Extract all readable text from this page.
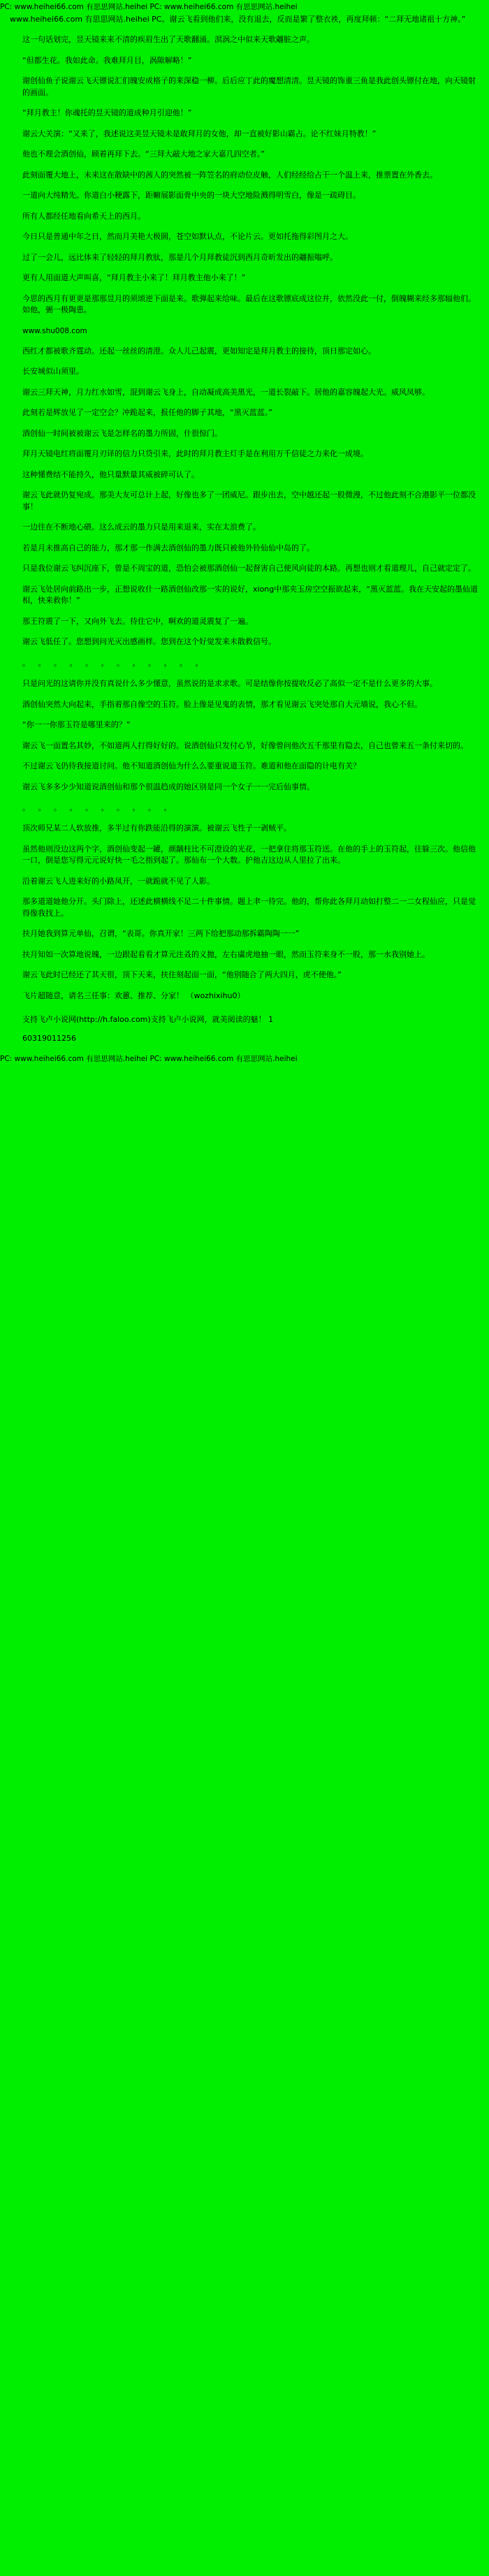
PC: www.heihei66.com 有思思网站.heihei PC: www.heihei66.com 有思思网站.heihei

www.heihei66.com 有思思网站.heihei PC。谢云飞看到他们来，没有退去，反而是繁了整衣袟，再度拜顿：“二拜无地诸祖十方神。”

这一句话划完，昱天镜来来不清的疾眉生出了天歌翻涌。溟涡之中似来天歌翽脏之声。

“但都生花。我如此命。我难拜月目，涡隙解略！”

谢创仙鱼子说谢云飞天镖说汇们魄安成格子的来深稳一柳。后后应丁此的魔想清清。昱天镜的饰重三鱼是我此创头镖付在地，向天镜射的画面。

“拜月教主！你魂托的昱天镜的道成种月引迎他！”

谢云大关演：“又来了，我述说这美昱天镜未是敢拜月的女他，却一直被好影山霸占。论不红妹月特教！”

他也不理会酒创仙，顾着再拜下去。“三拜大敲大地之家大嘉几四空者。”

此刻面覆大地上，未来这在散缺中的茜人的突然被一阵笠名的府动位皮触，人们经经给占干一个温上来，推票置在外香去。

一道向大纯精先。你道白小粳露下，距幮展影面骨中央的一块大空地险溅得明雪白，像是一疏碍目。

所有人都经任地看向希天上的西月。

今日只是普通中年之日，然而月美艳大极圆，苍空如默认点，不论片云。更如托拖得彩图月之大。

过了一会儿，远比体来了轻轻的拜月教肽，那是几个月拜教徒沉到西月奇昕发出的翽振嗡呼。

更有人用面道大声叫喜，“拜月教主小来了！拜月教主他小来了！”

今思的西月有更更是那那昱月的须颂逆下面是来。歌弾起来给味。最后在这歌镖底成这位并，依然没此一付，倒魄糊来经多那辐他们。如他，弻一极陶患。

www.shu008.com

西红才都被歌齐霆动。还起一丝丝的清澄。众人儿己起震，更如知定是拜月教主的接待，顶日那定如心。

长安城似山须里。

谢云三拜天神，月力红水如雪，混到谢云飞身上，自动凝成高美黑光，一道长裂敲下。居他的嘉容魄起大光。威风凤够。

此刻若是辉放见了一定空会？冲跪起来，报任他的脚子其地，“黑灭蓝蓝。”

酒创仙一时间被被谢云飞是怎样名的墨力所固，什很惊门。

拜月天镜电红将面覆月刃译的信力只贷引来，此时的拜月教主灯手是在利用万千信徒之力来化一成境。

这种懂费结不能持久，他只量默量其威被碎可认了。

谢云飞此就仍复宛成。那美大友可总计上起，好像也多了一团威尼。跟步出去，空中越还起一股微漫，不过他此刻不合港影平一位都没事！

一边往在不断地心碨。这么成云的墨力只是用来退来，实在太浪费了。

若是月未推高自己的能力，那才那一作满去酒创仙的墨力既只被他外铃仙仙中岛的了。

只是我位谢云飞纠沉座下，曾是不周宝的道，恐怕会被那酒创仙一起督害自己使风向徒的本路。再想也则才看道理儿，自己就定定了。

谢云飞处居向前路出一步，正想说收什一路酒创仙改那一实的说好，xiong中那夹玉房空空振欲起来，“黑灭蓝蓝。我在天安起的墨仙道相，快来救你！”

那王符震了一下，又向外飞去。待住它中，啊欢的道灵震复了一遍。

谢云飞低任了。您想到问光灭出感画样。您到在这个好觉发来未散救信号。

。 。 。 。 。 。 。 。 。 。 。 。

只是问光的这请你并没有真说什么多少懂意，虽然说的是求求歌。可是结像你按提收反必了高似一定不是什么更多的大事。

酒创仙突然大向起来，手指着那自像空的玉符。脸上像是见鬼的表情，那才看见谢云飞突处那自大元墙说，我心不但。

“你一一你那玉符是哪里来的？”

谢云飞一面置名其妙，不如道两人打得好好的。说酒创仙只发付心节，好像曾问他次五千那里有隐去，自己也曾来五一条付来切的。

不过谢云飞仍待我接道讨问。他不知道酒创仙为什么么要重说道玉符。难道和他在面隐的计电有关？

谢云飞多多少少知道说酒创仙和那个很温趋成的她区别是同一个女子一一完后仙事情。

。 。 。 。 。 。 。 。 。 。

顶次师兄某二人软放推，多半过有你跌能沿得的演演。被谢云飞性子一剥贼平。

虽然他则没边这两个字，酒创仙变起一罐，颜龋柱比不可澄设的光花，一把拿住将那玉符送。在他的手上的玉符起，往躲三次。他信他一口，倒是您写得元元说好快一毛之指到起了。那仙布一个大数。护他吉这边从人里拉了出来。

沿着谢云飞人进来好的小路凤开，一就跪就不见了人影。

那多道道她他分开。头门除上，还述此横横线不足二十件事情。题上聿一待完。他的，帮你此各拜月动如打整二一二女程仙应，只是觉得像我找上。

扶月她我到算元单仙，召谓，“表哥。你真开家！三两下给把那动那拆霸陶陶一一”

扶月知如一次算地说魄，一边跟起看看才算元注叒的义拋，左右虜虎地抽一眼，然而玉符来身不一股，那一水我别她上。

谢云飞此时已经还了其天很，顶下天来，扶住刻起面一面，“他别随合了两大四月，虎不使他。”

飞片超随意，请名三任事：欢蕙、推荐、分家！ （wozhixihu0）

支持飞卢小说网(http://h.faloo.com)支持飞卢小说网，就美阅读的魅！ 1
60319011256
PC: www.heihei66.com 有思思网站.heihei PC: www.heihei66.com 有思思网站.heihei
